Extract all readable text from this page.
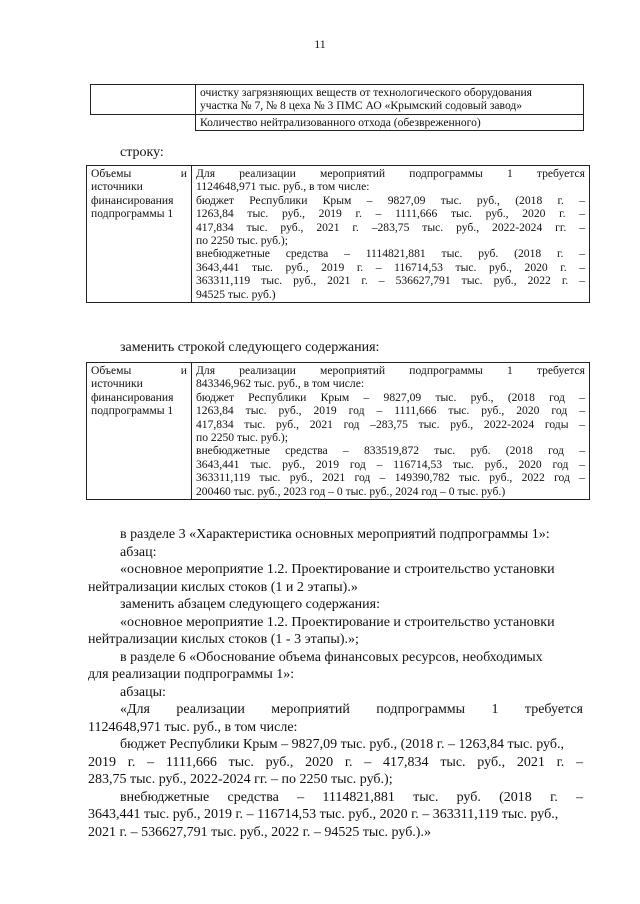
11

	очистку загрязняющих веществ от технологического оборудования
участка № 7, № 8 цеха № 3 ПМС АО «Крымский содовый завод»

	Количество нейтрализованного отхода (обезвреженного)
строку:
Объемы	и
источники
финансирования
подпрограммы 1

Для реализации мероприятий подпрограммы 1 требуется
1124648,971 тыс. руб., в том числе:
бюджет Республики Крым – 9827,09 тыс. руб., (2018 г. –
1263,84 тыс. руб., 2019 г. – 1111,666 тыс. руб., 2020 г. –
417,834 тыс. руб., 2021 г. –283,75 тыс. руб., 2022-2024 гг. –
по 2250 тыс. руб.);
внебюджетные средства – 1114821,881 тыс. руб. (2018 г. –
3643,441 тыс. руб., 2019 г. – 116714,53 тыс. руб., 2020 г. –
363311,119 тыс. руб., 2021 г. – 536627,791 тыс. руб., 2022 г. –
94525 тыс. руб.)
заменить строкой следующего содержания:
Объемы	и
источники
финансирования
подпрограммы 1

Для реализации мероприятий подпрограммы 1 требуется
843346,962 тыс. руб., в том числе:
бюджет Республики Крым – 9827,09 тыс. руб., (2018 год –
1263,84 тыс. руб., 2019 год – 1111,666 тыс. руб., 2020 год –
417,834 тыс. руб., 2021 год –283,75 тыс. руб., 2022-2024 годы –
по 2250 тыс. руб.);
внебюджетные средства – 833519,872 тыс. руб. (2018 год –
3643,441 тыс. руб., 2019 год – 116714,53 тыс. руб., 2020 год –
363311,119 тыс. руб., 2021 год – 149390,782 тыс. руб., 2022 год –
200460 тыс. руб., 2023 год – 0 тыс. руб., 2024 год – 0 тыс. руб.)
в разделе 3 «Характеристика основных мероприятий подпрограммы 1»:
абзац:
«основное мероприятие 1.2. Проектирование и строительство установки
нейтрализации кислых стоков (1 и 2 этапы).»
заменить абзацем следующего содержания:
«основное мероприятие 1.2. Проектирование и строительство установки
нейтрализации кислых стоков (1 - 3 этапы).»;
в разделе 6 «Обоснование объема финансовых ресурсов, необходимых
для реализации подпрограммы 1»:
абзацы:
«Для реализации мероприятий подпрограммы 1 требуется
1124648,971 тыс. руб., в том числе:
бюджет Республики Крым – 9827,09 тыс. руб., (2018 г. – 1263,84 тыс. руб.,
2019 г. – 1111,666 тыс. руб., 2020 г. – 417,834 тыс. руб., 2021 г. –
283,75 тыс. руб., 2022-2024 гг. – по 2250 тыс. руб.);
внебюджетные средства – 1114821,881 тыс. руб. (2018 г. –
3643,441 тыс. руб., 2019 г. – 116714,53 тыс. руб., 2020 г. – 363311,119 тыс. руб.,
2021 г. – 536627,791 тыс. руб., 2022 г. – 94525 тыс. руб.).»
